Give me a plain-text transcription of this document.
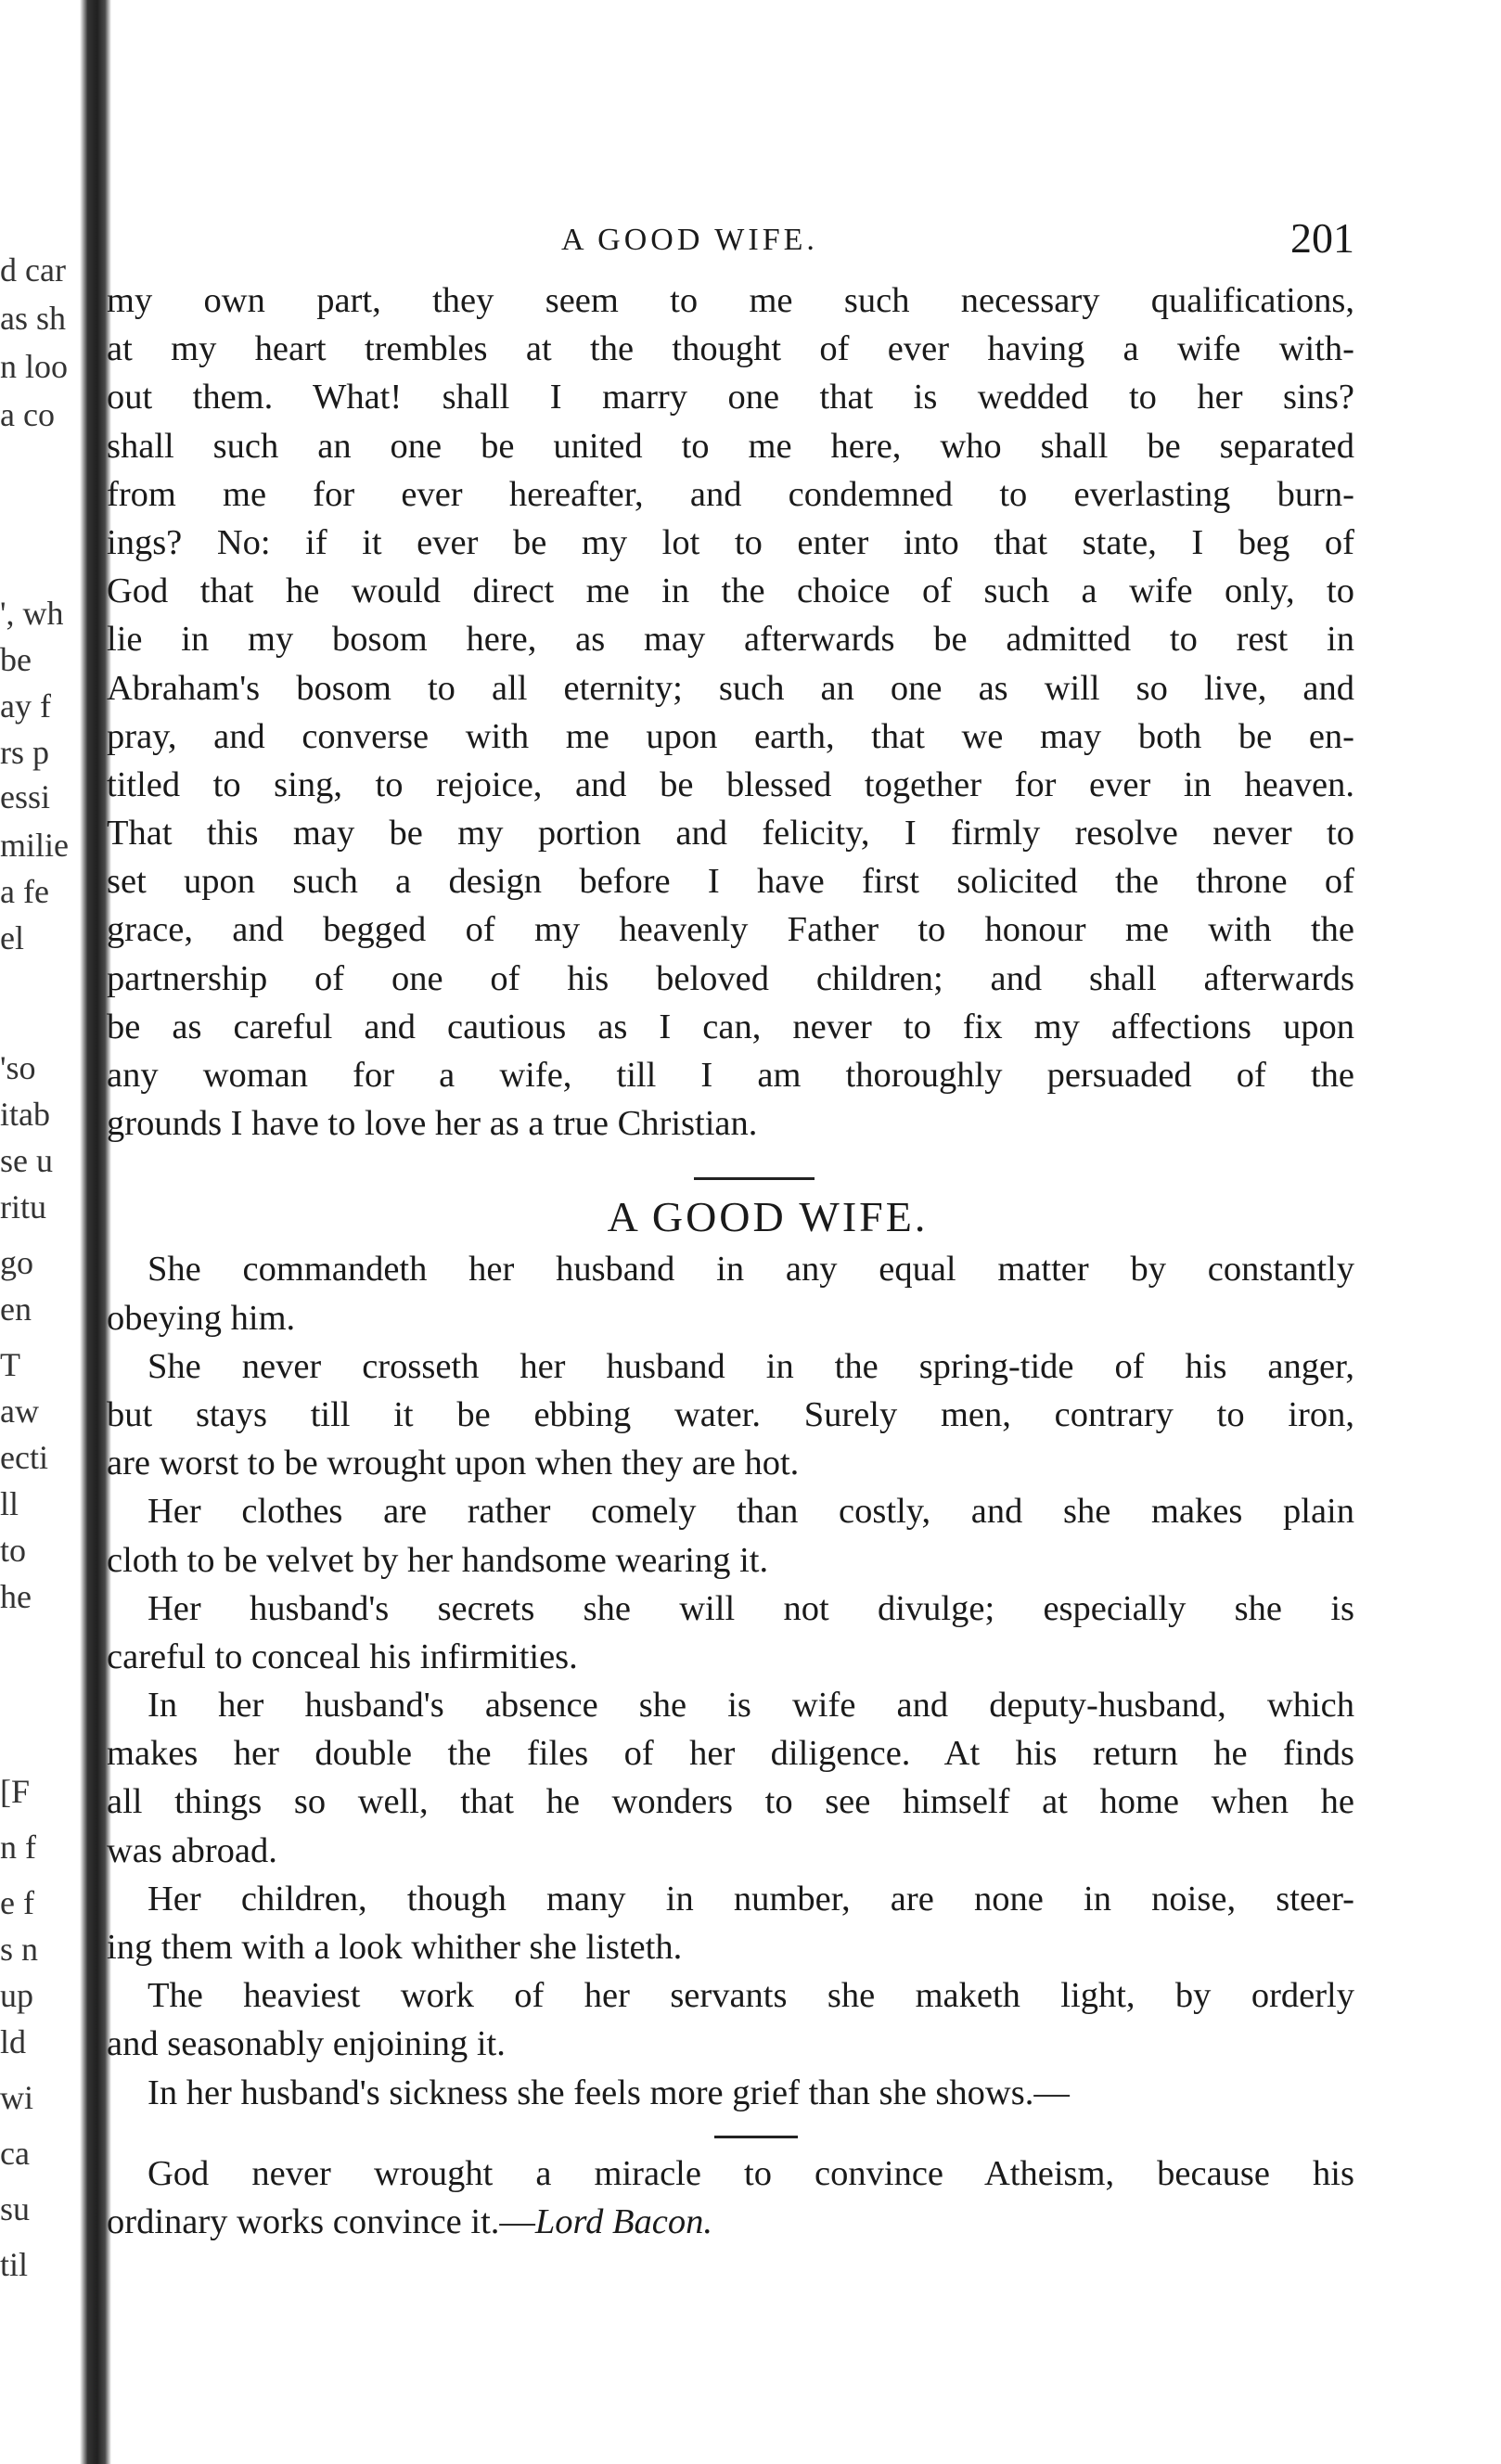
d car
as sh
n loo
a co
', wh
be
ay f
rs p
essi
milie
a fe
el
'so
itab
se u
ritu
go
en
T
aw
ecti
ll
to
he
[F
n f
e f
s n
up
ld
wi
ca
su
til
A GOOD WIFE.	201
my own part, they seem to me such necessary qualifications,
at my heart trembles at the thought of ever having a wife with-
out them. What! shall I marry one that is wedded to her sins?
shall such an one be united to me here, who shall be separated
from me for ever hereafter, and condemned to everlasting burn-
ings? No: if it ever be my lot to enter into that state, I beg of
God that he would direct me in the choice of such a wife only, to
lie in my bosom here, as may afterwards be admitted to rest in
Abraham's bosom to all eternity; such an one as will so live, and
pray, and converse with me upon earth, that we may both be en-
titled to sing, to rejoice, and be blessed together for ever in heaven.
That this may be my portion and felicity, I firmly resolve never to
set upon such a design before I have first solicited the throne of
grace, and begged of my heavenly Father to honour me with the
partnership of one of his beloved children; and shall afterwards
be as careful and cautious as I can, never to fix my affections upon
any woman for a wife, till I am thoroughly persuaded of the
grounds I have to love her as a true Christian.
A GOOD WIFE.
She commandeth her husband in any equal matter by constantly
obeying him.
She never crosseth her husband in the spring-tide of his anger,
but stays till it be ebbing water. Surely men, contrary to iron,
are worst to be wrought upon when they are hot.
Her clothes are rather comely than costly, and she makes plain
cloth to be velvet by her handsome wearing it.
Her husband's secrets she will not divulge; especially she is
careful to conceal his infirmities.
In her husband's absence she is wife and deputy-husband, which
makes her double the files of her diligence. At his return he finds
all things so well, that he wonders to see himself at home when he
was abroad.
Her children, though many in number, are none in noise, steer-
ing them with a look whither she listeth.
The heaviest work of her servants she maketh light, by orderly
and seasonably enjoining it.
In her husband's sickness she feels more grief than she shows.—
God never wrought a miracle to convince Atheism, because his
ordinary works convince it.—Lord Bacon.
